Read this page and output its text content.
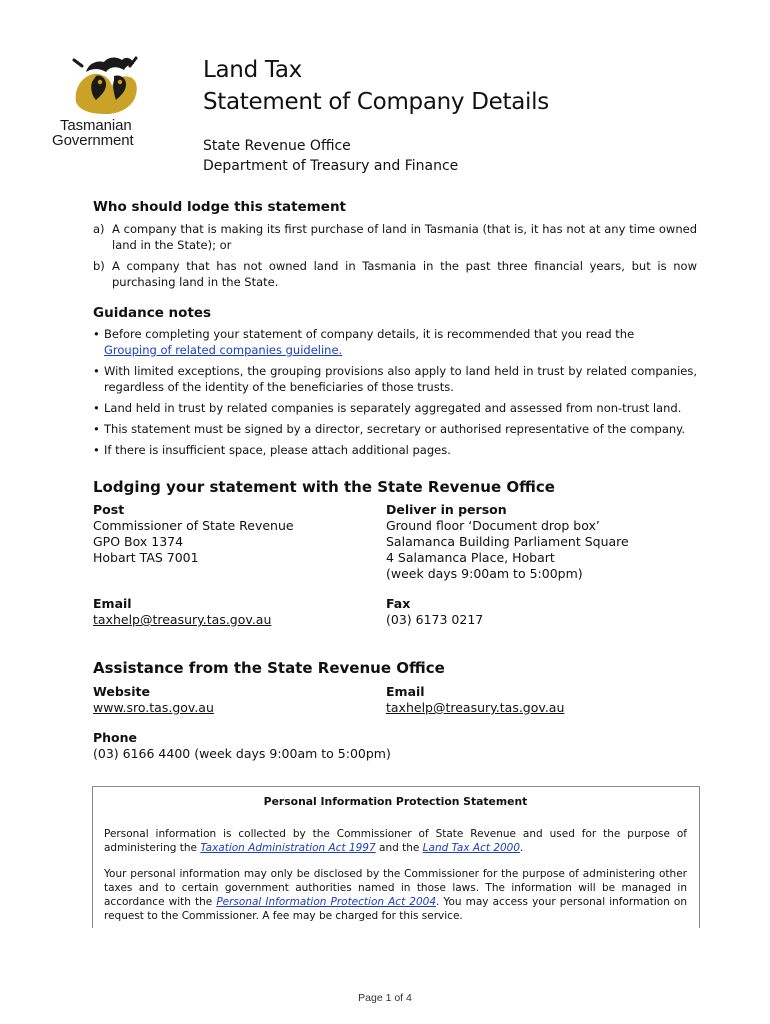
Tasmanian
Government
Land Tax
Statement of Company Details
State Revenue Office
Department of Treasury and Finance
Who should lodge this statement
a) A company that is making its first purchase of land in Tasmania (that is, it has not at any time owned land in the State); or
b) A company that has not owned land in Tasmania in the past three financial years, but is now purchasing land in the State.
Guidance notes
• Before completing your statement of company details, it is recommended that you read the
Grouping of related companies guideline.
• With limited exceptions, the grouping provisions also apply to land held in trust by related companies, regardless of the identity of the beneficiaries of those trusts.
• Land held in trust by related companies is separately aggregated and assessed from non-trust land.
• This statement must be signed by a director, secretary or authorised representative of the company.
• If there is insufficient space, please attach additional pages.
Lodging your statement with the State Revenue Office
Post
Commissioner of State Revenue
GPO Box 1374
Hobart TAS 7001
Deliver in person
Ground floor ‘Document drop box’
Salamanca Building Parliament Square
4 Salamanca Place, Hobart
(week days 9:00am to 5:00pm)
Email
taxhelp@treasury.tas.gov.au
Fax
(03) 6173 0217
Assistance from the State Revenue Office
Website
www.sro.tas.gov.au
Email
taxhelp@treasury.tas.gov.au
Phone
(03) 6166 4400 (week days 9:00am to 5:00pm)
Personal Information Protection Statement
Personal information is collected by the Commissioner of State Revenue and used for the purpose of administering the Taxation Administration Act 1997 and the Land Tax Act 2000.
Your personal information may only be disclosed by the Commissioner for the purpose of administering other taxes and to certain government authorities named in those laws. The information will be managed in accordance with the Personal Information Protection Act 2004. You may access your personal information on request to the Commissioner. A fee may be charged for this service.
Page 1 of 4
